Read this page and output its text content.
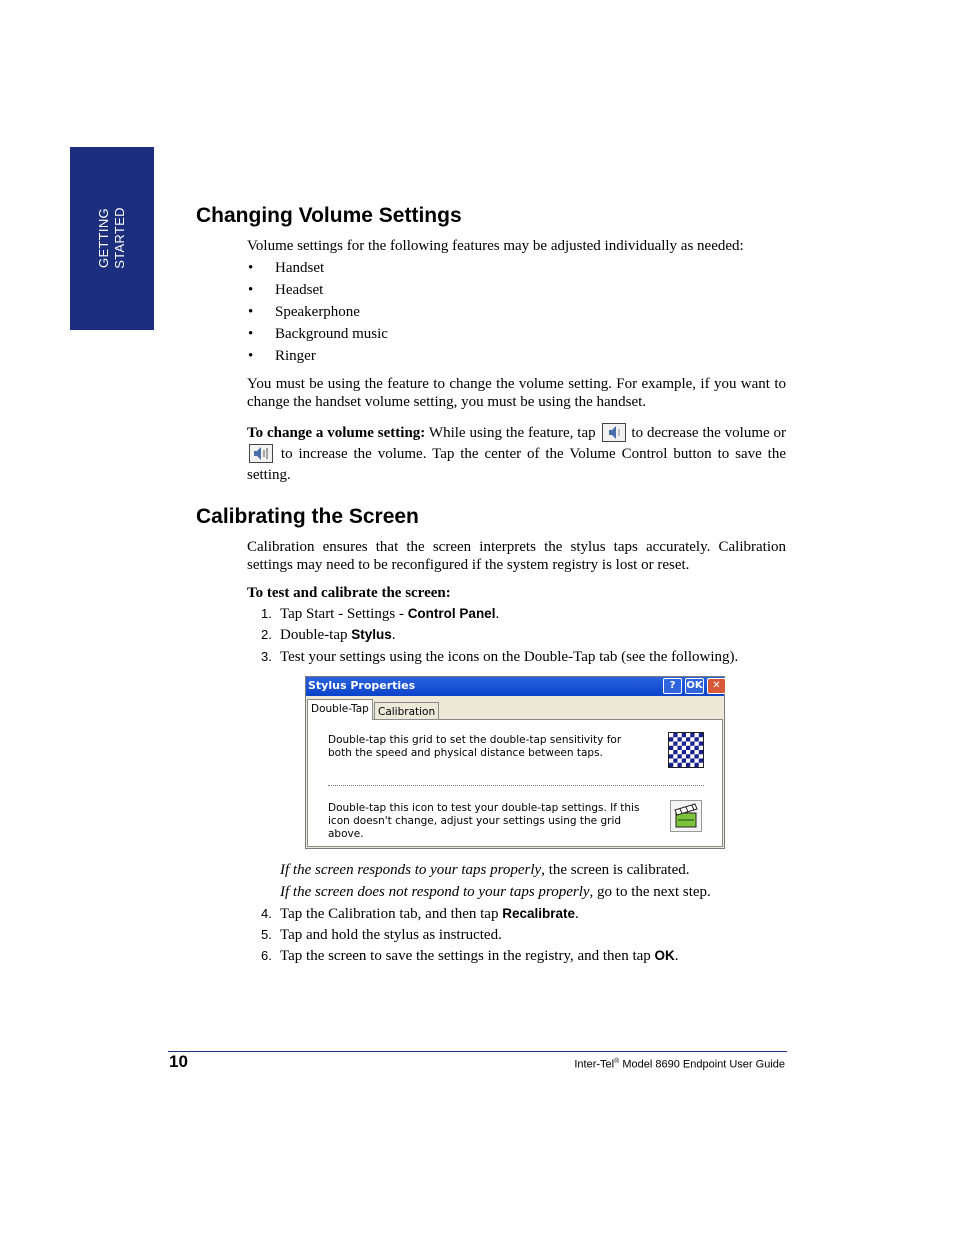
GETTING STARTED	Changing Volume Settings

Volume settings for the following features may be adjusted individually as needed:

• Handset
• Headset
• Speakerphone
• Background music
• Ringer

You must be using the feature to change the volume setting. For example, if you want to change the handset volume setting, you must be using the handset.

To change a volume setting: While using the feature, tap to decrease the volume or  to increase the volume. Tap the center of the Volume Control button to save the setting.

Calibrating the Screen

Calibration ensures that the screen interprets the stylus taps accurately. Calibration settings may need to be reconfigured if the system registry is lost or reset.

To test and calibrate the screen:

1. Tap Start - Settings - Control Panel.
2. Double-tap Stylus.
3. Test your settings using the icons on the Double-Tap tab (see the following).
Stylus Properties	?	OK ✕
Double-Tap Calibration
Double-tap this grid to set the double-tap sensitivity for both the speed and physical distance between taps.
Double-tap this icon to test your double-tap settings. If this icon doesn't change, adjust your settings using the grid above.
If the screen responds to your taps properly, the screen is calibrated.
If the screen does not respond to your taps properly, go to the next step.
4. Tap the Calibration tab, and then tap Recalibrate.
5. Tap and hold the stylus as instructed.
6. Tap the screen to save the settings in the registry, and then tap OK.
10	Inter-Tel® Model 8690 Endpoint User Guide
